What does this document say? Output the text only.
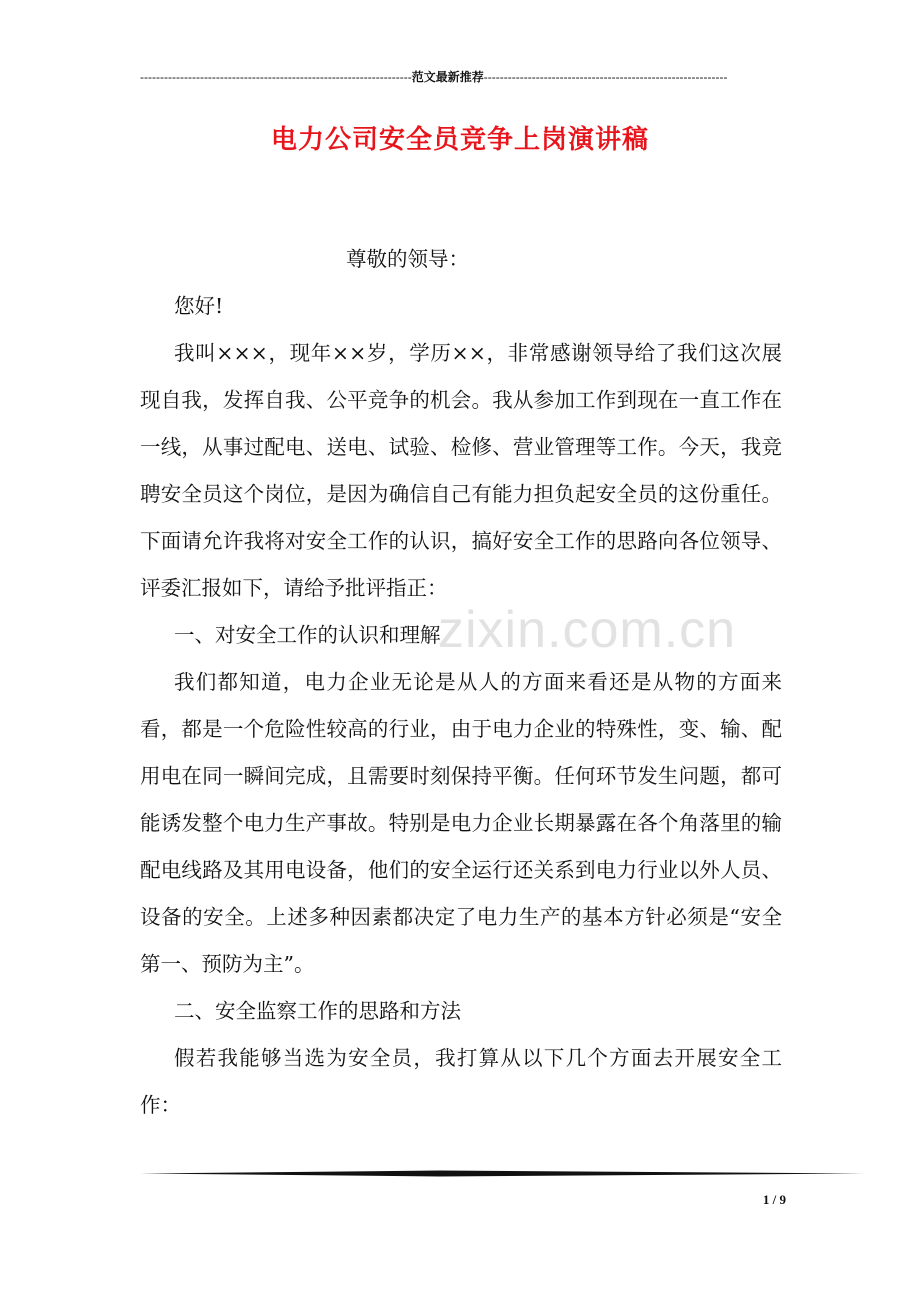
--------------------------------------------------------------------范文最新推荐-------------------------------------------------------------
电力公司安全员竞争上岗演讲稿
zixin.com.cn

尊敬的领导：

您好!

我叫×××，现年××岁，学历××，非常感谢领导给了我们这次展现自我，发挥自我、公平竞争的机会。我从参加工作到现在一直工作在一线，从事过配电、送电、试验、检修、营业管理等工作。今天，我竞聘安全员这个岗位，是因为确信自己有能力担负起安全员的这份重任。下面请允许我将对安全工作的认识，搞好安全工作的思路向各位领导、评委汇报如下，请给予批评指正：

一、对安全工作的认识和理解

我们都知道，电力企业无论是从人的方面来看还是从物的方面来看，都是一个危险性较高的行业，由于电力企业的特殊性，变、输、配用电在同一瞬间完成，且需要时刻保持平衡。任何环节发生问题，都可能诱发整个电力生产事故。特别是电力企业长期暴露在各个角落里的输配电线路及其用电设备，他们的安全运行还关系到电力行业以外人员、设备的安全。上述多种因素都决定了电力生产的基本方针必须是“安全第一、预防为主”。

二、安全监察工作的思路和方法

假若我能够当选为安全员，我打算从以下几个方面去开展安全工作：

1 / 9
